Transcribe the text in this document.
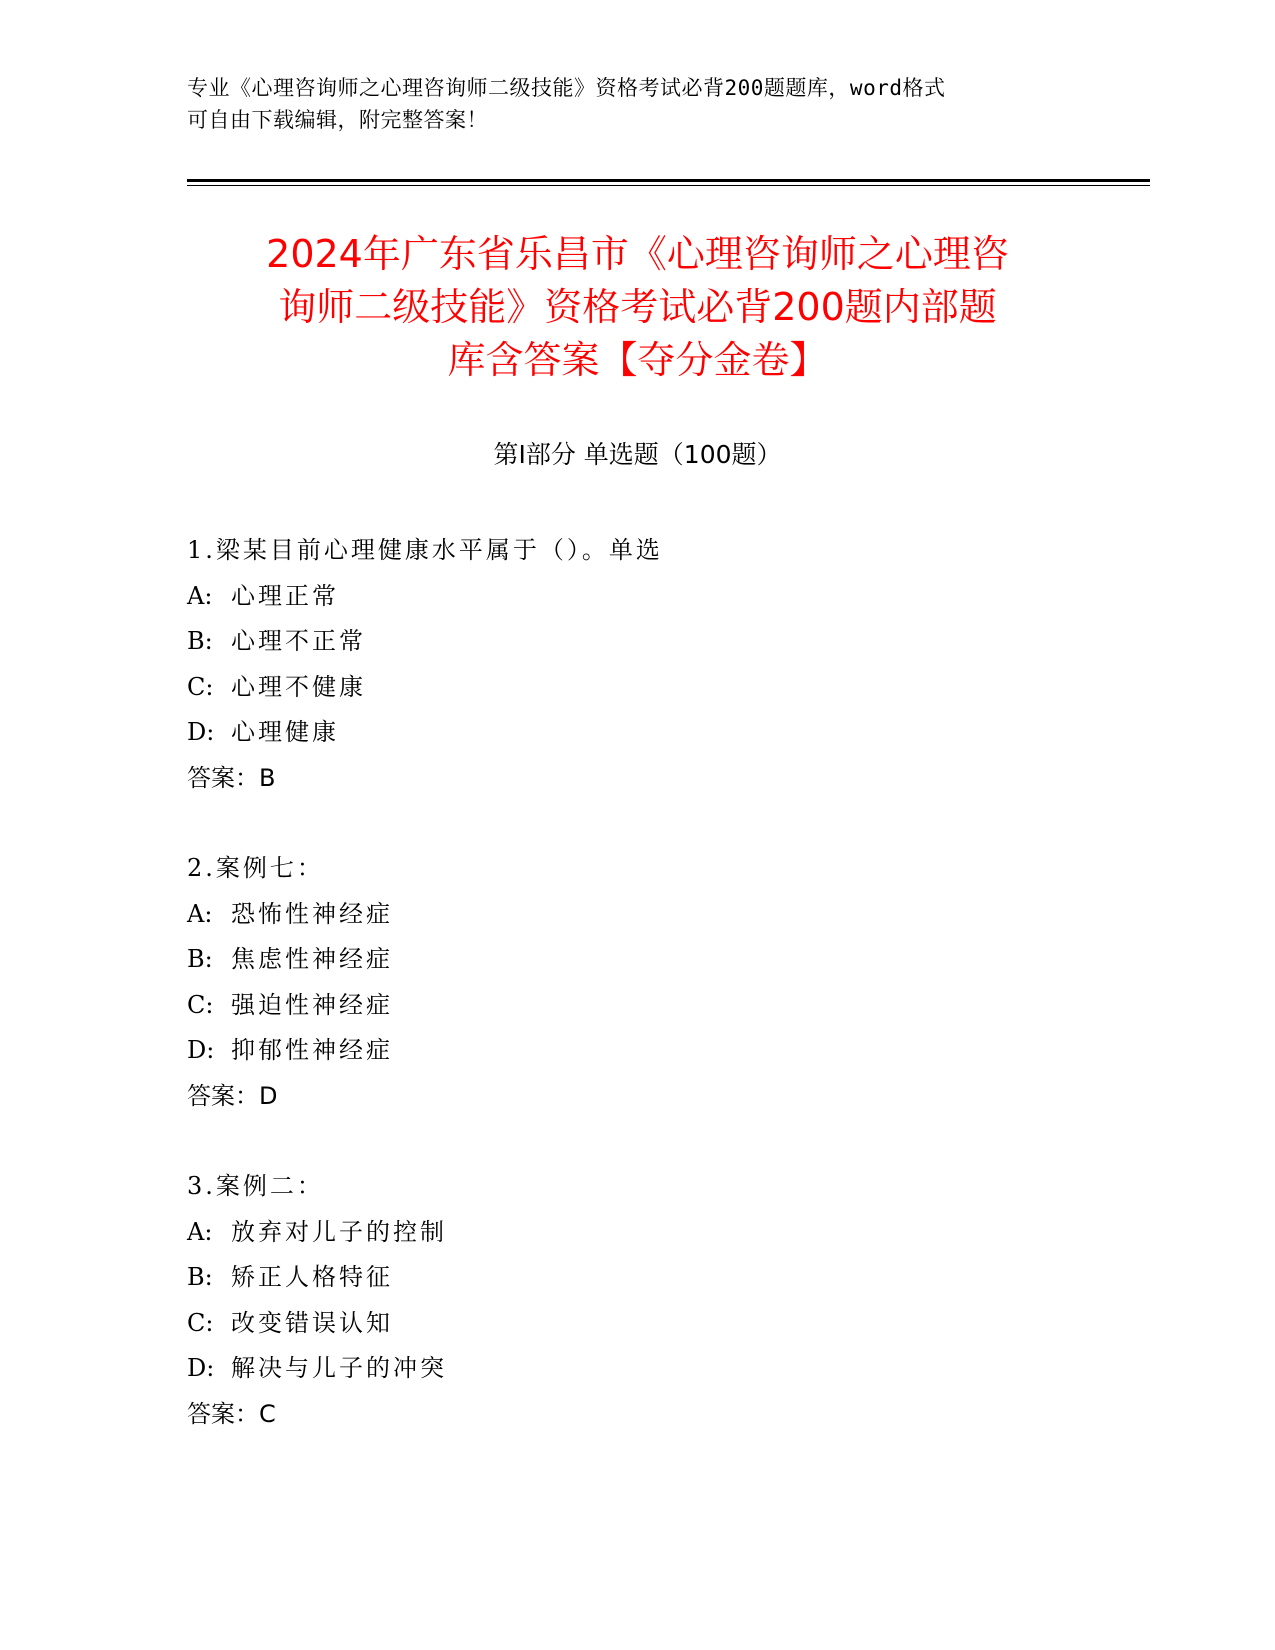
专业《心理咨询师之心理咨询师二级技能》资格考试必背200题题库，word格式
可自由下载编辑，附完整答案！
2024年广东省乐昌市《心理咨询师之心理咨
询师二级技能》资格考试必背200题内部题
库含答案【夺分金卷】
第I部分 单选题（100题）
1.梁某目前心理健康水平属于（）。单选
A: 心理正常
B: 心理不正常
C: 心理不健康
D: 心理健康
答案：B
2.案例七：
A: 恐怖性神经症
B: 焦虑性神经症
C: 强迫性神经症
D: 抑郁性神经症
答案：D
3.案例二：
A: 放弃对儿子的控制
B: 矫正人格特征
C: 改变错误认知
D: 解决与儿子的冲突
答案：C
